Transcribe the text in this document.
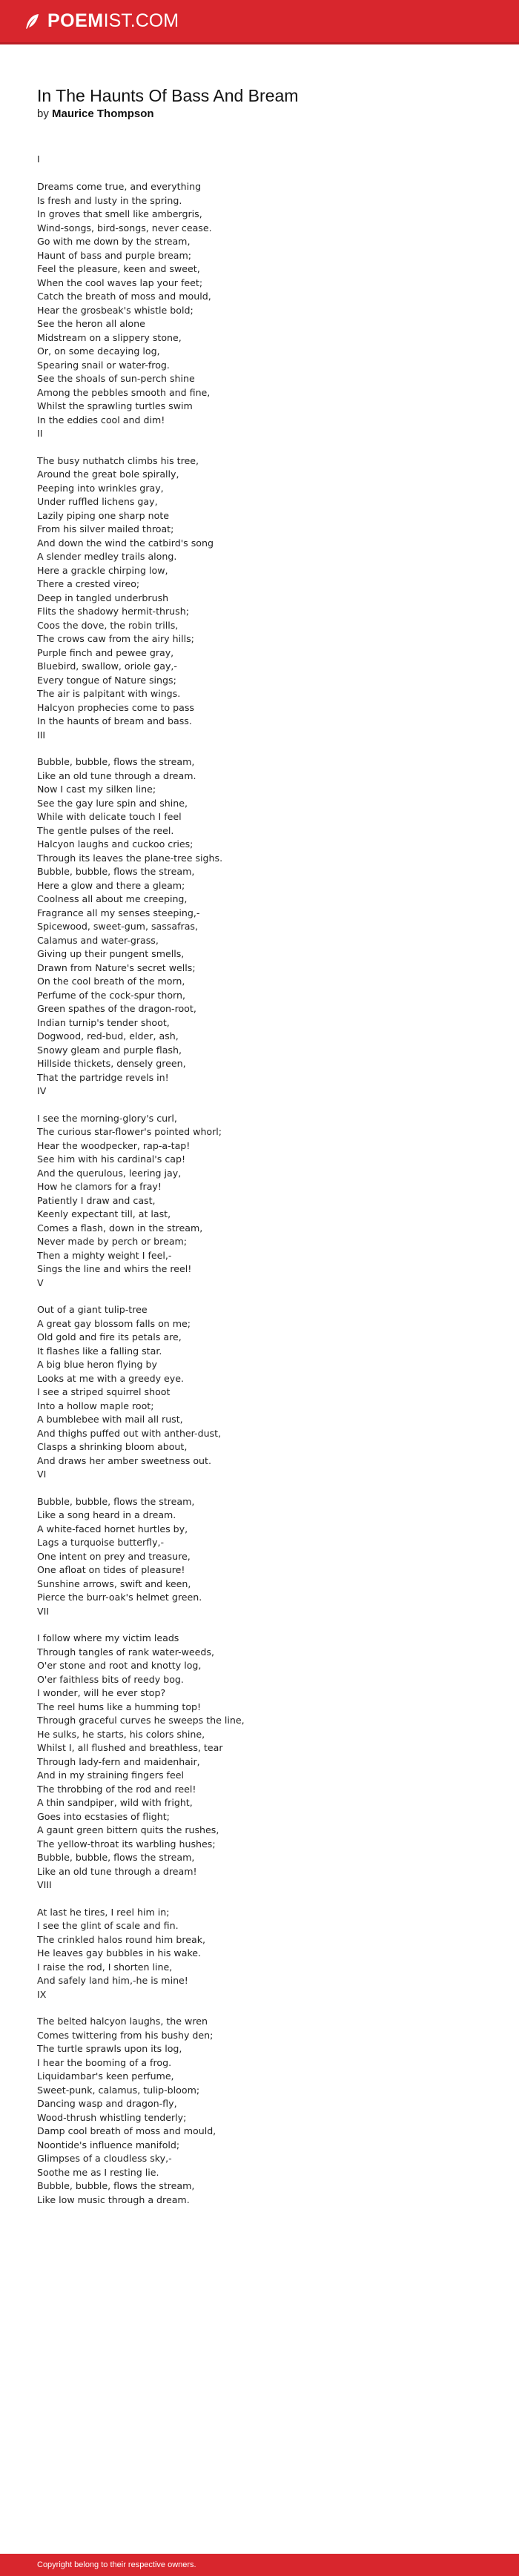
POEM IST.COM
In The Haunts Of Bass And Bream
by Maurice Thompson
I

Dreams come true, and everything
Is fresh and lusty in the spring.
In groves that smell like ambergris,
Wind-songs, bird-songs, never cease.
Go with me down by the stream,
Haunt of bass and purple bream;
Feel the pleasure, keen and sweet,
When the cool waves lap your feet;
Catch the breath of moss and mould,
Hear the grosbeak's whistle bold;
See the heron all alone
Midstream on a slippery stone,
Or, on some decaying log,
Spearing snail or water-frog.
See the shoals of sun-perch shine
Among the pebbles smooth and fine,
Whilst the sprawling turtles swim
In the eddies cool and dim!
II
The busy nuthatch climbs his tree,
Around the great bole spirally,
Peeping into wrinkles gray,
Under ruffled lichens gay,
Lazily piping one sharp note
From his silver mailed throat;
And down the wind the catbird's song
A slender medley trails along.
Here a grackle chirping low,
There a crested vireo;
Deep in tangled underbrush
Flits the shadowy hermit-thrush;
Coos the dove, the robin trills,
The crows caw from the airy hills;
Purple finch and pewee gray,
Bluebird, swallow, oriole gay,-
Every tongue of Nature sings;
The air is palpitant with wings.
Halcyon prophecies come to pass
In the haunts of bream and bass.
III
Bubble, bubble, flows the stream,
Like an old tune through a dream.
Now I cast my silken line;
See the gay lure spin and shine,
While with delicate touch I feel
The gentle pulses of the reel.
Halcyon laughs and cuckoo cries;
Through its leaves the plane-tree sighs.
Bubble, bubble, flows the stream,
Here a glow and there a gleam;
Coolness all about me creeping,
Fragrance all my senses steeping,-
Spicewood, sweet-gum, sassafras,
Calamus and water-grass,
Giving up their pungent smells,
Drawn from Nature's secret wells;
On the cool breath of the morn,
Perfume of the cock-spur thorn,
Green spathes of the dragon-root,
Indian turnip's tender shoot,
Dogwood, red-bud, elder, ash,
Snowy gleam and purple flash,
Hillside thickets, densely green,
That the partridge revels in!
IV
I see the morning-glory's curl,
The curious star-flower's pointed whorl;
Hear the woodpecker, rap-a-tap!
See him with his cardinal's cap!
And the querulous, leering jay,
How he clamors for a fray!
Patiently I draw and cast,
Keenly expectant till, at last,
Comes a flash, down in the stream,
Never made by perch or bream;
Then a mighty weight I feel,-
Sings the line and whirs the reel!
V
Out of a giant tulip-tree
A great gay blossom falls on me;
Old gold and fire its petals are,
It flashes like a falling star.
A big blue heron flying by
Looks at me with a greedy eye.
I see a striped squirrel shoot
Into a hollow maple root;
A bumblebee with mail all rust,
And thighs puffed out with anther-dust,
Clasps a shrinking bloom about,
And draws her amber sweetness out.
VI
Bubble, bubble, flows the stream,
Like a song heard in a dream.
A white-faced hornet hurtles by,
Lags a turquoise butterfly,-
One intent on prey and treasure,
One afloat on tides of pleasure!
Sunshine arrows, swift and keen,
Pierce the burr-oak's helmet green.
VII
I follow where my victim leads
Through tangles of rank water-weeds,
O'er stone and root and knotty log,
O'er faithless bits of reedy bog.
I wonder, will he ever stop?
The reel hums like a humming top!
Through graceful curves he sweeps the line,
He sulks, he starts, his colors shine,
Whilst I, all flushed and breathless, tear
Through lady-fern and maidenhair,
And in my straining fingers feel
The throbbing of the rod and reel!
A thin sandpiper, wild with fright,
Goes into ecstasies of flight;
A gaunt green bittern quits the rushes,
The yellow-throat its warbling hushes;
Bubble, bubble, flows the stream,
Like an old tune through a dream!
VIII
At last he tires, I reel him in;
I see the glint of scale and fin.
The crinkled halos round him break,
He leaves gay bubbles in his wake.
I raise the rod, I shorten line,
And safely land him,-he is mine!
IX
The belted halcyon laughs, the wren
Comes twittering from his bushy den;
The turtle sprawls upon its log,
I hear the booming of a frog.
Liquidambar's keen perfume,
Sweet-punk, calamus, tulip-bloom;
Dancing wasp and dragon-fly,
Wood-thrush whistling tenderly;
Damp cool breath of moss and mould,
Noontide's influence manifold;
Glimpses of a cloudless sky,-
Soothe me as I resting lie.
Bubble, bubble, flows the stream,
Like low music through a dream.
Copyright belong to their respective owners.
